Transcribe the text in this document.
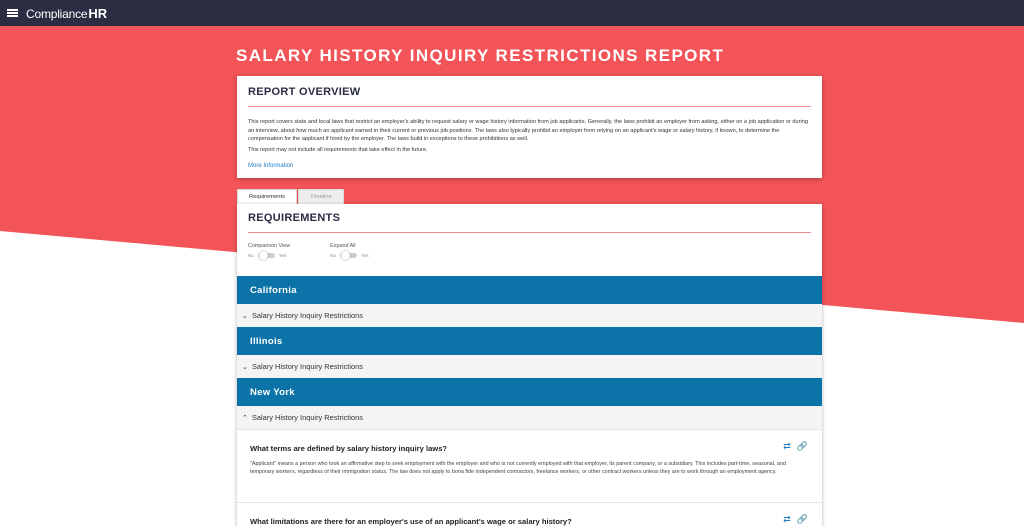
Compliance HR
SALARY HISTORY INQUIRY RESTRICTIONS REPORT
REPORT OVERVIEW

This report covers state and local laws that restrict an employer's ability to request salary or wage history information from job applicants. Generally, the laws prohibit an employer from asking, either on a job application or during an interview, about how much an applicant earned in their current or previous job positions. The laws also typically prohibit an employer from relying on an applicant's wage or salary history, if known, to determine the compensation for the applicant if hired by the employer. The laws build in exceptions to these prohibitions as well.

This report may not include all requirements that take effect in the future.

More Information
Requirements	Timeline
REQUIREMENTS
Comparison View
No	Yes
Expand All
No	Yes
California
⌄ Salary History Inquiry Restrictions
Illinois
⌄ Salary History Inquiry Restrictions
New York
⌃ Salary History Inquiry Restrictions
What terms are defined by salary history inquiry laws?	⇄ 🔗
"Applicant" means a person who took an affirmative step to seek employment with the employer and who is not currently employed with that employer, its parent company, or a subsidiary. This includes part-time, seasonal, and temporary workers, regardless of their immigration status. The law does not apply to bona fide independent contractors, freelance workers, or other contract workers unless they are to work through an employment agency.
What limitations are there for an employer's use of an applicant's wage or salary history?	⇄ 🔗
